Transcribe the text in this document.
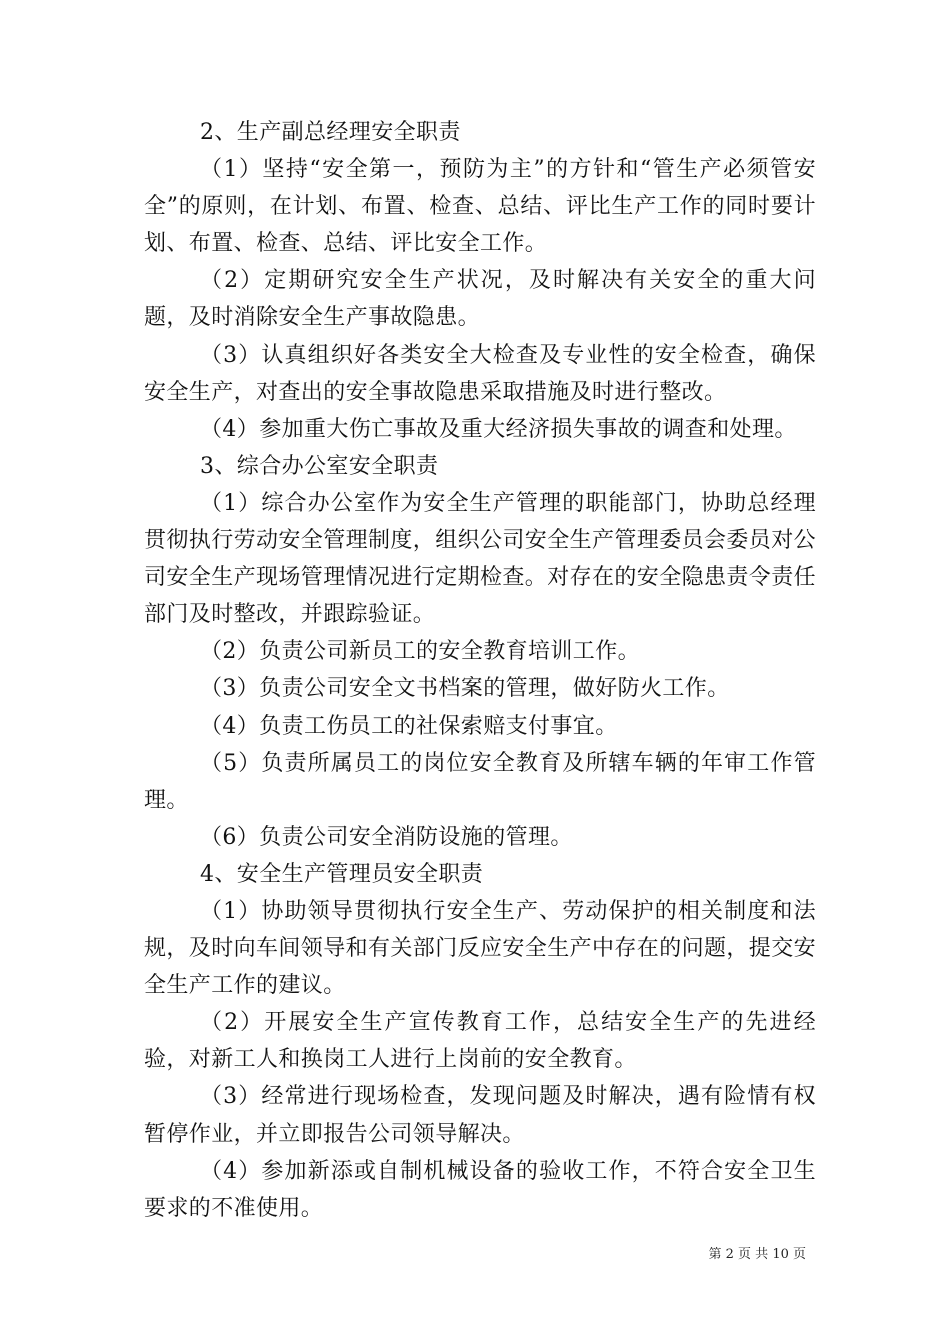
2、生产副总经理安全职责

（1）坚持“安全第一，预防为主”的方针和“管生产必须管安全”的原则，在计划、布置、检查、总结、评比生产工作的同时要计划、布置、检查、总结、评比安全工作。

（2）定期研究安全生产状况，及时解决有关安全的重大问题，及时消除安全生产事故隐患。

（3）认真组织好各类安全大检查及专业性的安全检查，确保安全生产，对查出的安全事故隐患采取措施及时进行整改。

（4）参加重大伤亡事故及重大经济损失事故的调查和处理。

3、综合办公室安全职责

（1）综合办公室作为安全生产管理的职能部门，协助总经理贯彻执行劳动安全管理制度，组织公司安全生产管理委员会委员对公司安全生产现场管理情况进行定期检查。对存在的安全隐患责令责任部门及时整改，并跟踪验证。

（2）负责公司新员工的安全教育培训工作。

（3）负责公司安全文书档案的管理，做好防火工作。

（4）负责工伤员工的社保索赔支付事宜。

（5）负责所属员工的岗位安全教育及所辖车辆的年审工作管理。

（6）负责公司安全消防设施的管理。

4、安全生产管理员安全职责

（1）协助领导贯彻执行安全生产、劳动保护的相关制度和法规，及时向车间领导和有关部门反应安全生产中存在的问题，提交安全生产工作的建议。

（2）开展安全生产宣传教育工作，总结安全生产的先进经验，对新工人和换岗工人进行上岗前的安全教育。

（3）经常进行现场检查，发现问题及时解决，遇有险情有权暂停作业，并立即报告公司领导解决。

（4）参加新添或自制机械设备的验收工作，不符合安全卫生要求的不准使用。

第 2 页 共 10 页
